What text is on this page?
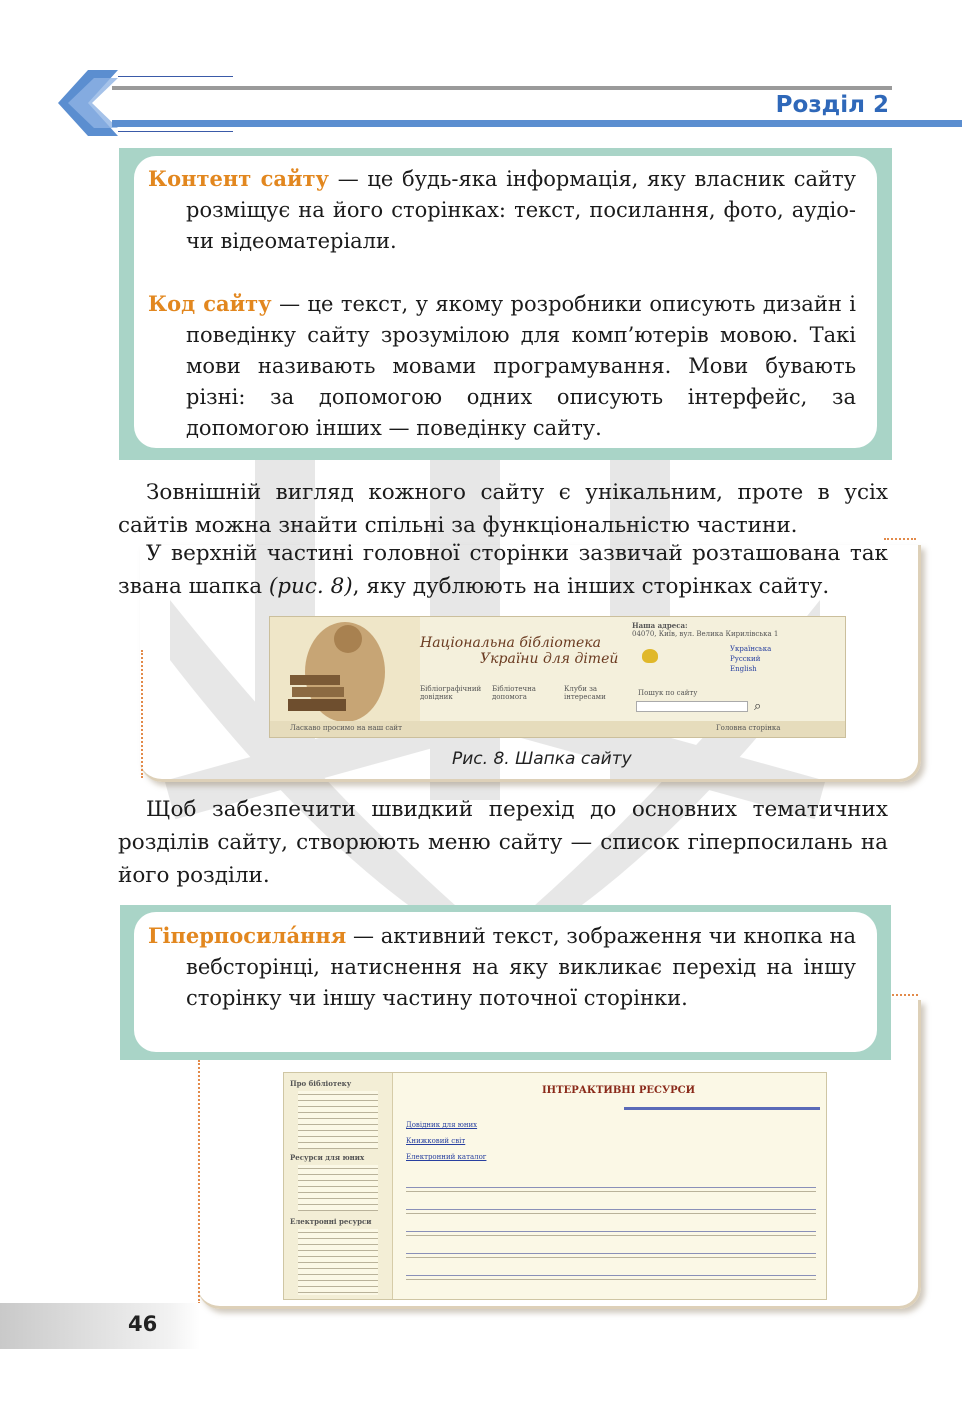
Розділ 2

Контент сайту — це будь-яка інформація, яку власник сайту розміщує на його сторінках: текст, посилання, фото, аудіо- чи відеоматеріали.

Код сайту — це текст, у якому розробники описують дизайн і поведінку сайту зрозумілою для комп’ютерів мовою. Такі мови називають мовами програмування. Мови бувають різні: за допомогою одних описують інтерфейс, за допомогою інших — поведінку сайту.

Зовнішній вигляд кожного сайту є унікальним, проте в усіх сайтів можна знайти спільні за функціональністю частини.

У верхній частині головної сторінки зазвичай розташована так звана шапка (рис. 8), яку дублюють на інших сторінках сайту.

Національна бібліотека
України для дітей
Бібліографічний довідник
Бібліотечна допомога
Клуби за інтересами
Наша адреса:
04070, Київ, вул. Велика Кирилівська 1
Українська
Русский
English
Пошук по сайту
⌕
Ласкаво просимо на наш сайт	Головна сторінка
Рис. 8. Шапка сайту

Щоб забезпечити швидкий перехід до основних тематичних розділів сайту, створюють меню сайту — список гіперпосилань на його розділи.

Гіперпосила́ння — активний текст, зображення чи кнопка на вебсторінці, натиснення на яку викликає перехід на іншу сторінку чи іншу частину поточної сторінки.

Про бібліотеку
Ресурси для юних
Електронні ресурси
ІНТЕРАКТИВНІ РЕСУРСИ
Довідник для юних
Книжковий світ
Електронний каталог
46
